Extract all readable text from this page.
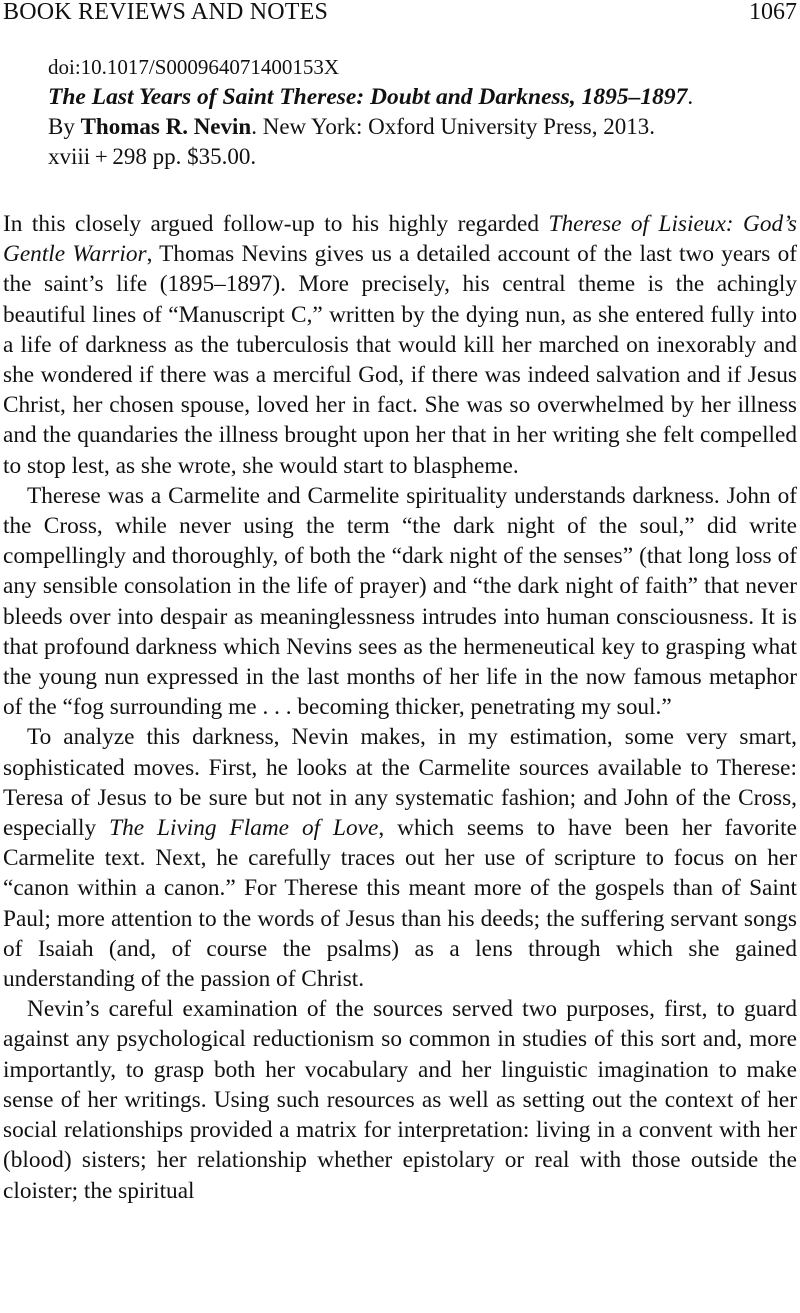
BOOK REVIEWS AND NOTES	1067
doi:10.1017/S000964071400153X
The Last Years of Saint Therese: Doubt and Darkness, 1895–1897.
By Thomas R. Nevin. New York: Oxford University Press, 2013.
xviii + 298 pp. $35.00.

In this closely argued follow-up to his highly regarded Therese of Lisieux: God’s Gentle Warrior, Thomas Nevins gives us a detailed account of the last two years of the saint’s life (1895–1897). More precisely, his central theme is the achingly beautiful lines of “Manuscript C,” written by the dying nun, as she entered fully into a life of darkness as the tuberculosis that would kill her marched on inexorably and she wondered if there was a merciful God, if there was indeed salvation and if Jesus Christ, her chosen spouse, loved her in fact. She was so overwhelmed by her illness and the quandaries the illness brought upon her that in her writing she felt compelled to stop lest, as she wrote, she would start to blaspheme.

Therese was a Carmelite and Carmelite spirituality understands darkness. John of the Cross, while never using the term “the dark night of the soul,” did write compellingly and thoroughly, of both the “dark night of the senses” (that long loss of any sensible consolation in the life of prayer) and “the dark night of faith” that never bleeds over into despair as meaninglessness intrudes into human consciousness. It is that profound darkness which Nevins sees as the hermeneutical key to grasping what the young nun expressed in the last months of her life in the now famous metaphor of the “fog surrounding me . . . becoming thicker, penetrating my soul.”

To analyze this darkness, Nevin makes, in my estimation, some very smart, sophisticated moves. First, he looks at the Carmelite sources available to Therese: Teresa of Jesus to be sure but not in any systematic fashion; and John of the Cross, especially The Living Flame of Love, which seems to have been her favorite Carmelite text. Next, he carefully traces out her use of scripture to focus on her “canon within a canon.” For Therese this meant more of the gospels than of Saint Paul; more attention to the words of Jesus than his deeds; the suffering servant songs of Isaiah (and, of course the psalms) as a lens through which she gained understanding of the passion of Christ.

Nevin’s careful examination of the sources served two purposes, first, to guard against any psychological reductionism so common in studies of this sort and, more importantly, to grasp both her vocabulary and her linguistic imagination to make sense of her writings. Using such resources as well as setting out the context of her social relationships provided a matrix for interpretation: living in a convent with her (blood) sisters; her relationship whether epistolary or real with those outside the cloister; the spiritual
